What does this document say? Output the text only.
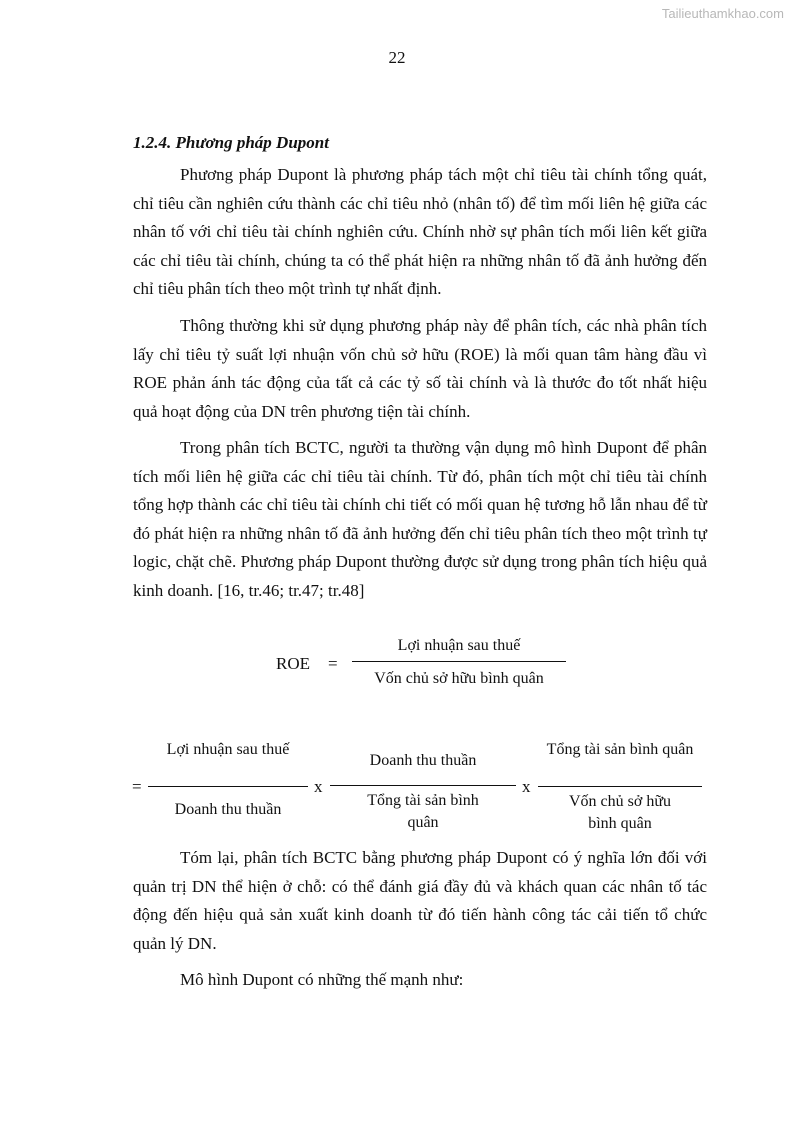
Tailieuthamkhao.com
22
1.2.4. Phương pháp Dupont

Phương pháp Dupont là phương pháp tách một chỉ tiêu tài chính tổng quát, chỉ tiêu cần nghiên cứu thành các chỉ tiêu nhỏ (nhân tố) để tìm mối liên hệ giữa các nhân tố với chỉ tiêu tài chính nghiên cứu. Chính nhờ sự phân tích mối liên kết giữa các chỉ tiêu tài chính, chúng ta có thể phát hiện ra những nhân tố đã ảnh hưởng đến chỉ tiêu phân tích theo một trình tự nhất định.

Thông thường khi sử dụng phương pháp này để phân tích, các nhà phân tích lấy chỉ tiêu tỷ suất lợi nhuận vốn chủ sở hữu (ROE) là mối quan tâm hàng đầu vì ROE phản ánh tác động của tất cả các tỷ số tài chính và là thước đo tốt nhất hiệu quả hoạt động của DN trên phương tiện tài chính.

Trong phân tích BCTC, người ta thường vận dụng mô hình Dupont để phân tích mối liên hệ giữa các chỉ tiêu tài chính. Từ đó, phân tích một chỉ tiêu tài chính tổng hợp thành các chỉ tiêu tài chính chi tiết có mối quan hệ tương hỗ lẫn nhau để từ đó phát hiện ra những nhân tố đã ảnh hưởng đến chỉ tiêu phân tích theo một trình tự logic, chặt chẽ. Phương pháp Dupont thường được sử dụng trong phân tích hiệu quả kinh doanh. [16, tr.46; tr.47; tr.48]

ROE =
Lợi nhuận sau thuế
Vốn chủ sở hữu bình quân
=
Lợi nhuận sau thuế
Doanh thu thuần
x
Doanh thu thuần
Tổng tài sản bình quân
x
Tổng tài sản bình quân
Vốn chủ sở hữu bình quân

Tóm lại, phân tích BCTC bằng phương pháp Dupont có ý nghĩa lớn đối với quản trị DN thể hiện ở chỗ: có thể đánh giá đầy đủ và khách quan các nhân tố tác động đến hiệu quả sản xuất kinh doanh từ đó tiến hành công tác cải tiến tổ chức quản lý DN.

Mô hình Dupont có những thế mạnh như:
